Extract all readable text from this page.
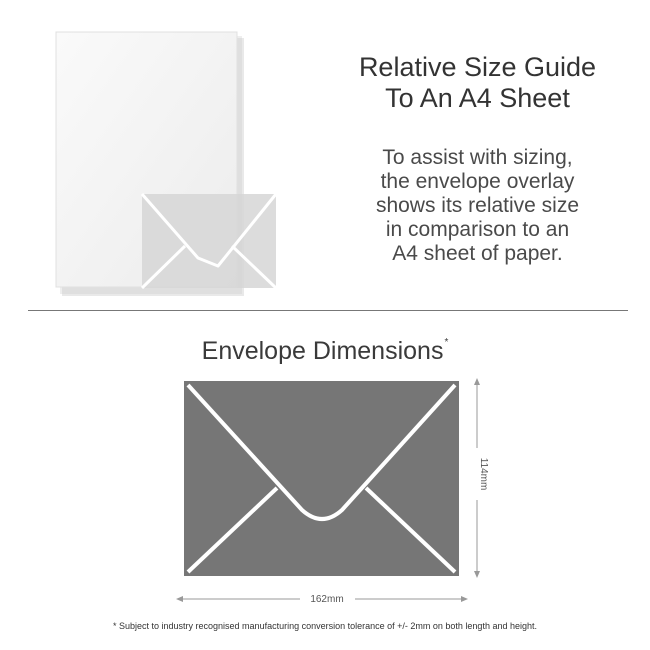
Relative Size Guide
To An A4 Sheet
To assist with sizing,
the envelope overlay
shows its relative size
in comparison to an
A4 sheet of paper.
Envelope Dimensions*
162mm
114mm
* Subject to industry recognised manufacturing conversion tolerance of +/- 2mm on both length and height.
